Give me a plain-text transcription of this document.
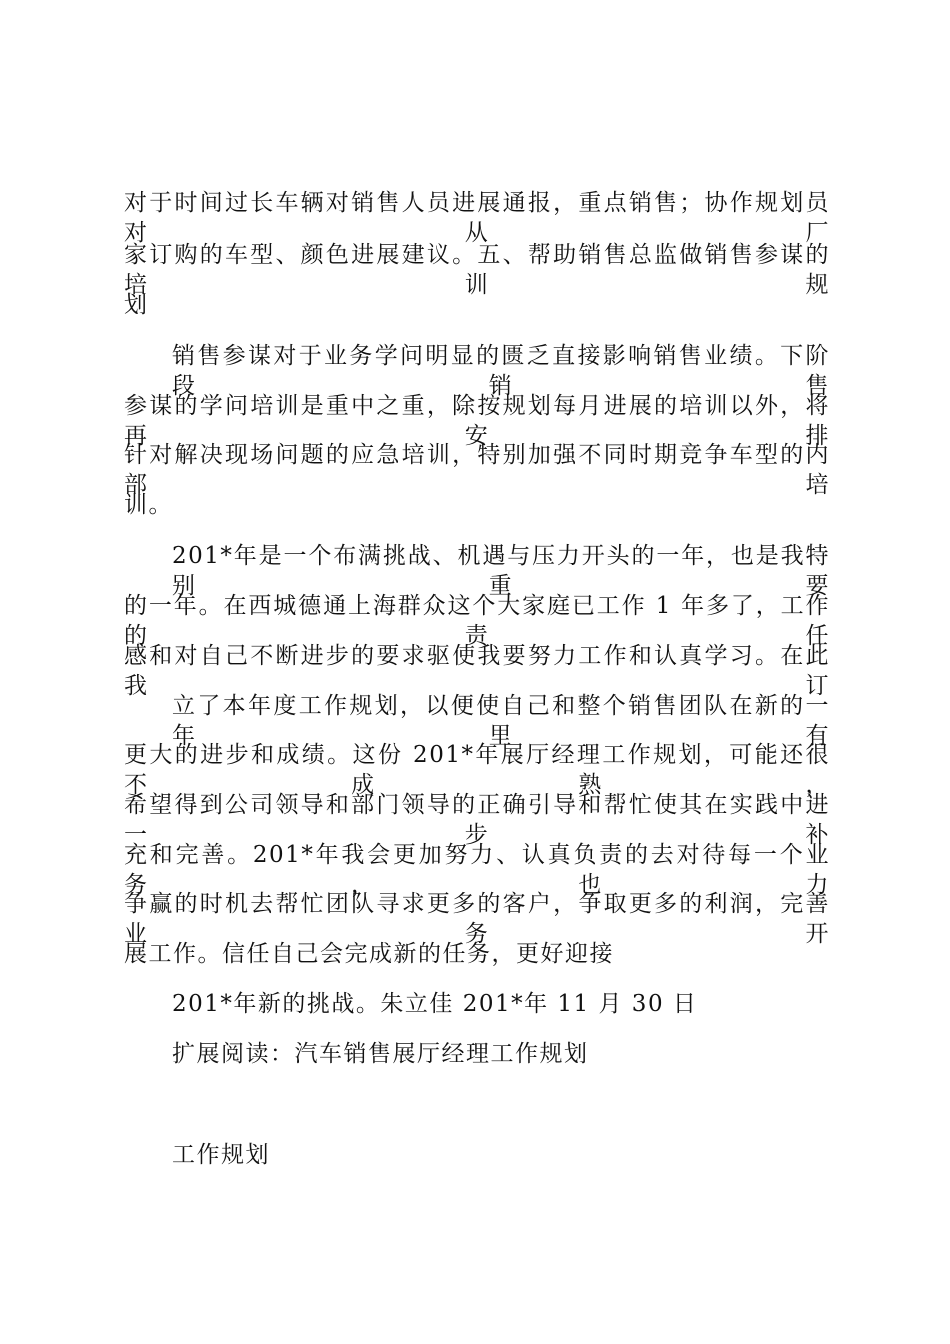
对于时间过长车辆对销售人员进展通报，重点销售；协作规划员对从厂
家订购的车型、颜色进展建议。五、帮助销售总监做销售参谋的培训规
划
销售参谋对于业务学问明显的匮乏直接影响销售业绩。下阶段销售
参谋的学问培训是重中之重，除按规划每月进展的培训以外，将再安排
针对解决现场问题的应急培训，特别加强不同时期竞争车型的内部培
训。
201*年是一个布满挑战、机遇与压力开头的一年，也是我特别重要
的一年。在西城德通上海群众这个大家庭已工作 1 年多了，工作的责任
感和对自己不断进步的要求驱使我要努力工作和认真学习。在此我订
立了本年度工作规划，以便使自己和整个销售团队在新的一年里有
更大的进步和成绩。这份 201*年展厅经理工作规划，可能还很不成熟，
希望得到公司领导和部门领导的正确引导和帮忙使其在实践中进一步补
充和完善。201*年我会更加努力、认真负责的去对待每一个业务，也力
争赢的时机去帮忙团队寻求更多的客户，争取更多的利润，完善业务开
展工作。信任自己会完成新的任务，更好迎接
201*年新的挑战。朱立佳 201*年 11 月 30 日
扩展阅读：汽车销售展厅经理工作规划
工作规划
